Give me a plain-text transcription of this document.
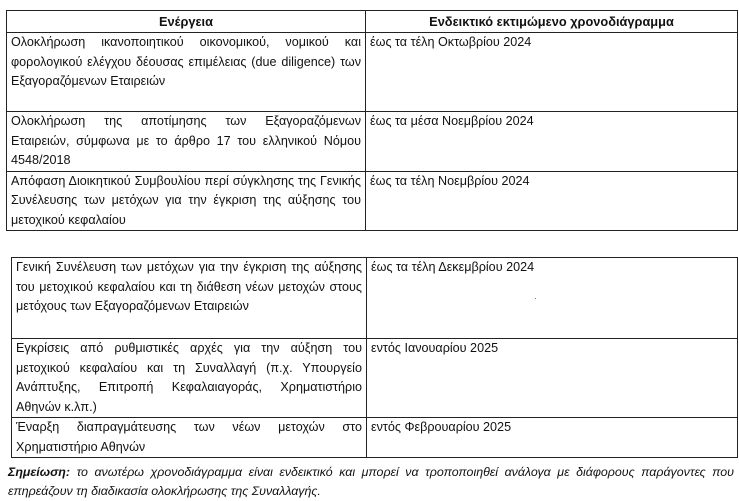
Ενέργεια	Ενδεικτικό εκτιμώμενο χρονοδιάγραμμα
Ολοκλήρωση ικανοποιητικού οικονομικού, νομικού και φορολογικού ελέγχου δέουσας επιμέλειας (due diligence) των Εξαγοραζόμενων Εταιρειών	έως τα τέλη Οκτωβρίου 2024
Ολοκλήρωση της αποτίμησης των Εξαγοραζόμενων Εταιρειών, σύμφωνα με το άρθρο 17 του ελληνικού Νόμου 4548/2018	έως τα μέσα Νοεμβρίου 2024
Απόφαση Διοικητικού Συμβουλίου περί σύγκλησης της Γενικής Συνέλευσης των μετόχων για την έγκριση της αύξησης του μετοχικού κεφαλαίου	έως τα τέλη Νοεμβρίου 2024
Γενική Συνέλευση των μετόχων για την έγκριση της αύξησης του μετοχικού κεφαλαίου και τη διάθεση νέων μετοχών στους μετόχους των Εξαγοραζόμενων Εταιρειών	έως τα τέλη Δεκεμβρίου 2024
Εγκρίσεις από ρυθμιστικές αρχές για την αύξηση του μετοχικού κεφαλαίου και τη Συναλλαγή (π.χ. Υπουργείο Ανάπτυξης, Επιτροπή Κεφαλαιαγοράς, Χρηματιστήριο Αθηνών κ.λπ.)	εντός Ιανουαρίου 2025
Έναρξη διαπραγμάτευσης των νέων μετοχών στο Χρηματιστήριο Αθηνών	εντός Φεβρουαρίου 2025
Σημείωση: το ανωτέρω χρονοδιάγραμμα είναι ενδεικτικό και μπορεί να τροποποιηθεί ανάλογα με διάφορους παράγοντες που επηρεάζουν τη διαδικασία ολοκλήρωσης της Συναλλαγής.
